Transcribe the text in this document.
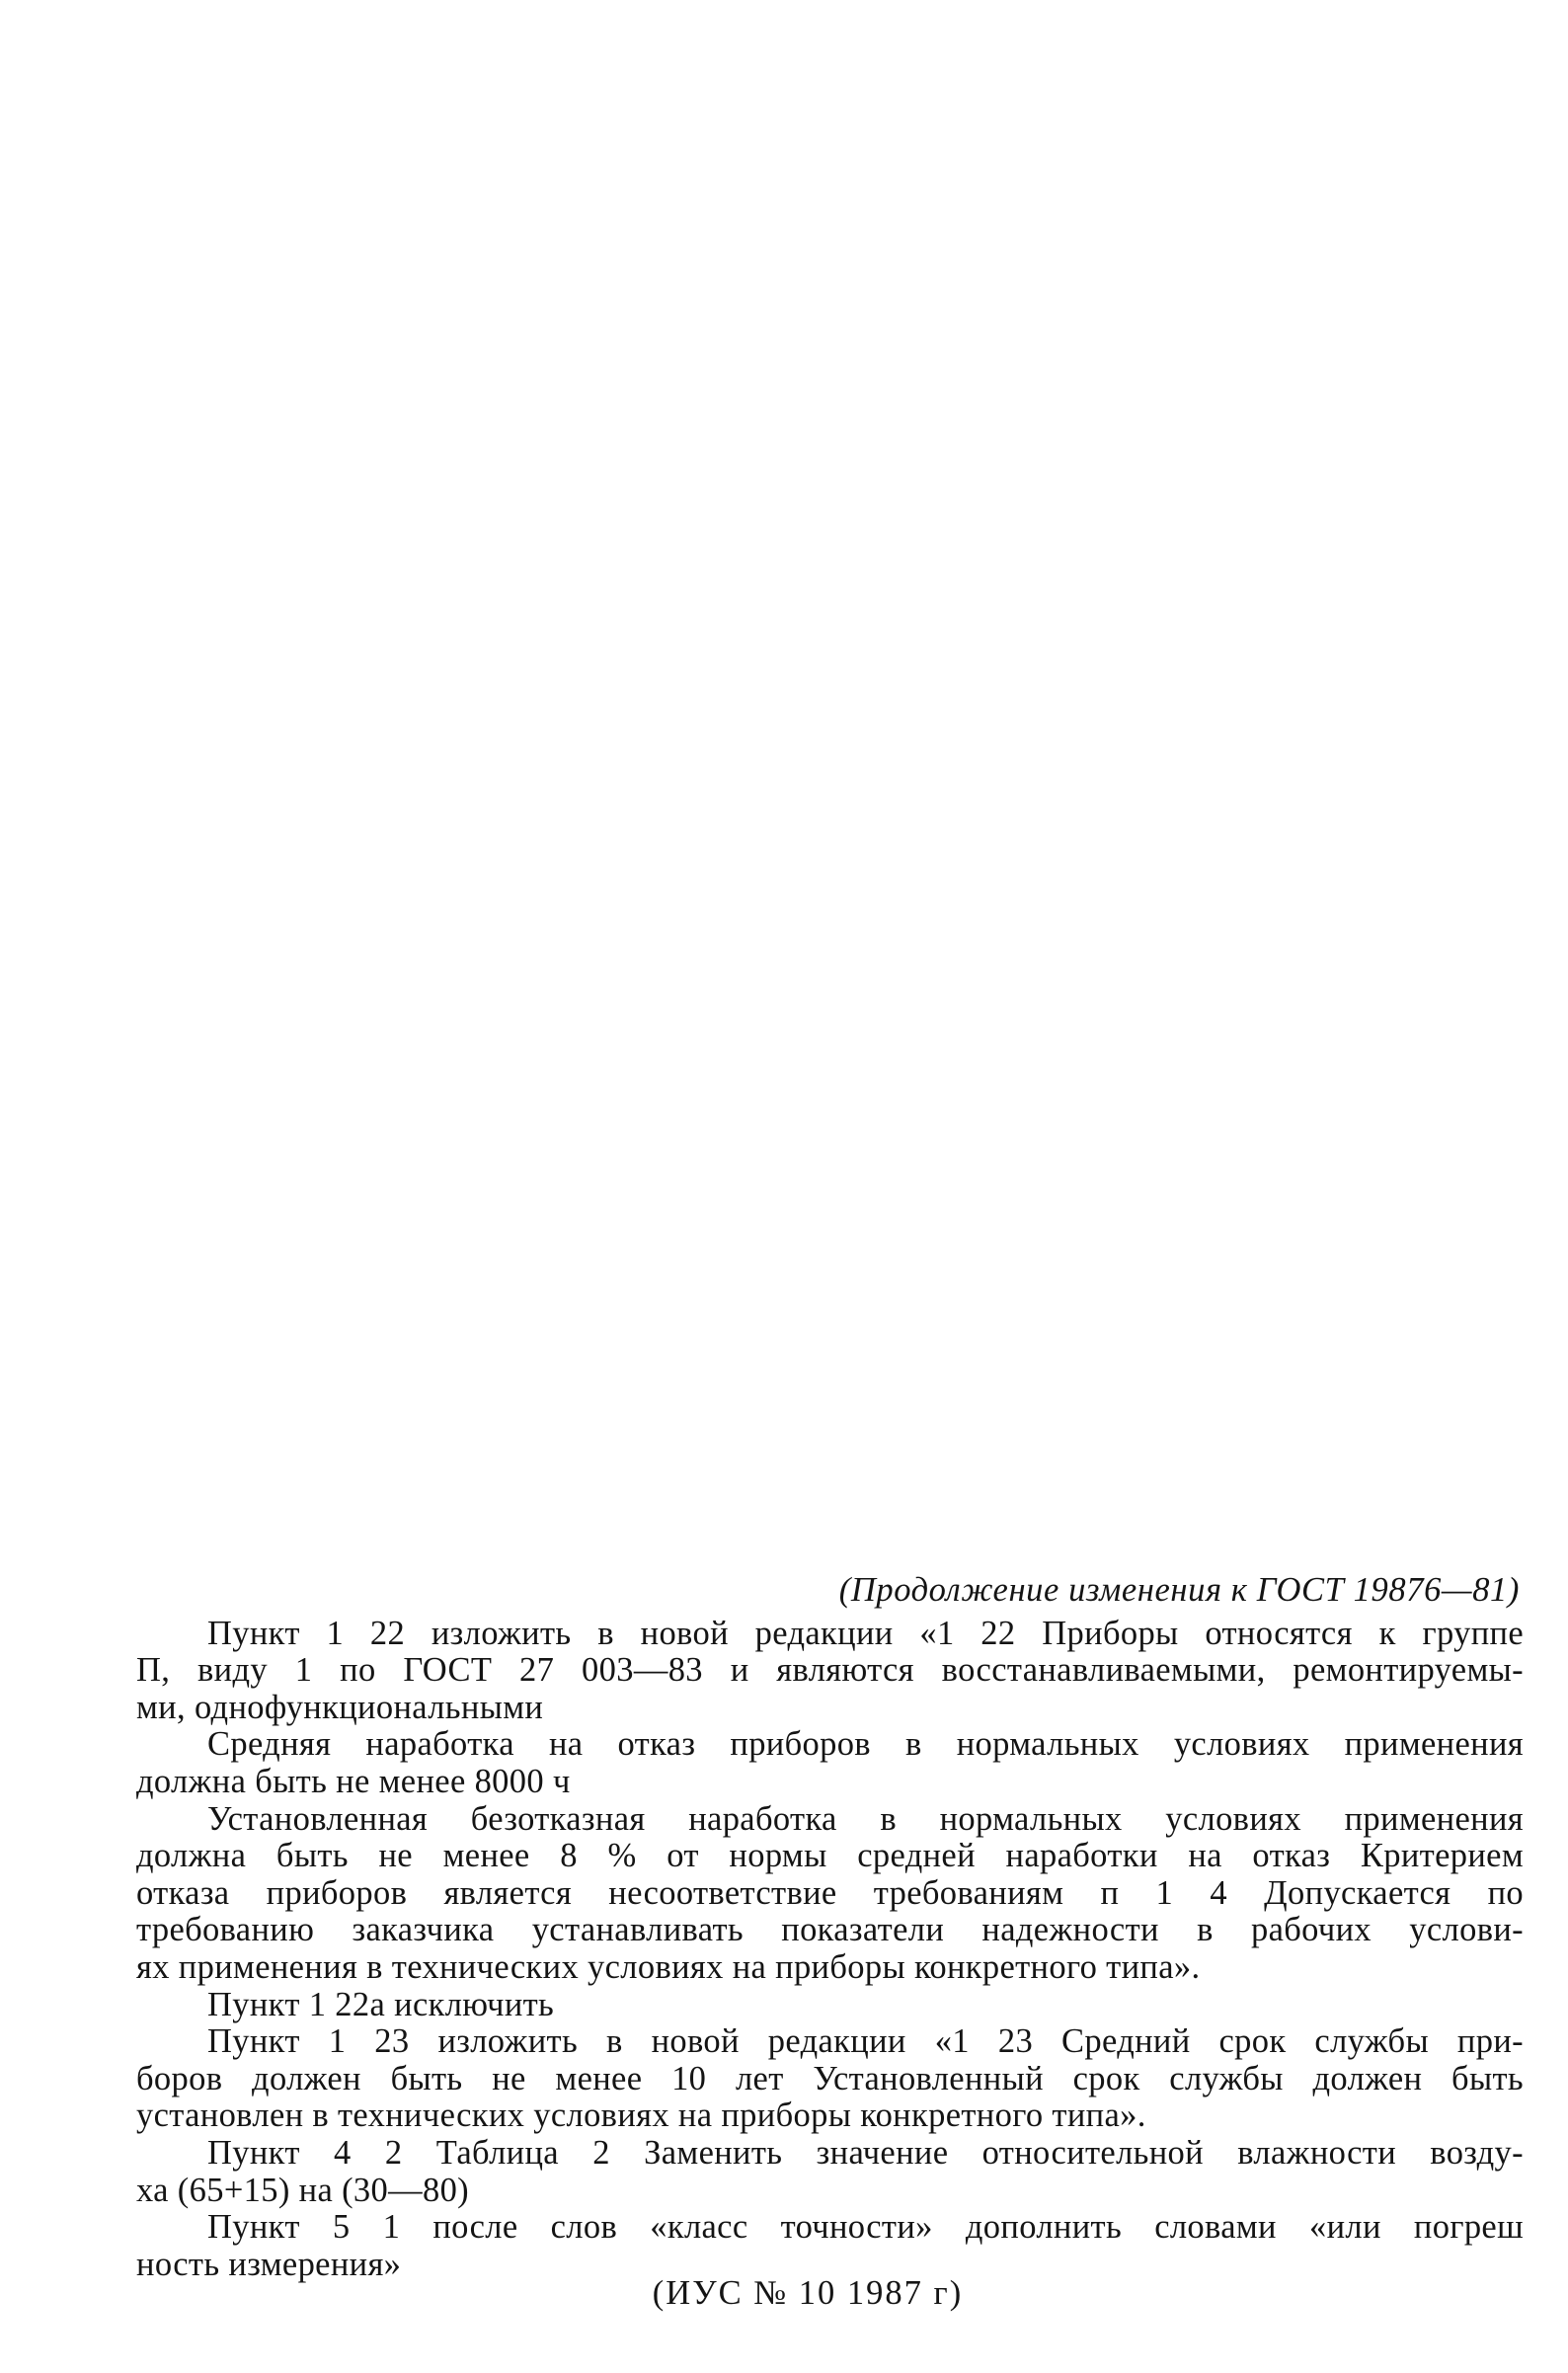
(Продолжение изменения к ГОСТ 19876—81)

Пункт 1 22 изложить в новой редакции «1 22 Приборы относятся к группе
П, виду 1 по ГОСТ 27 003—83 и являются восстанавливаемыми, ремонтируемы-
ми, однофункциональными

Средняя наработка на отказ приборов в нормальных условиях применения
должна быть не менее 8000 ч

Установленная безотказная наработка в нормальных условиях применения
должна быть не менее 8 % от нормы средней наработки на отказ Критерием
отказа приборов является несоответствие требованиям п 1 4 Допускается по
требованию заказчика устанавливать показатели надежности в рабочих услови-
ях применения в технических условиях на приборы конкретного типа».

Пункт 1 22а исключить

Пункт 1 23 изложить в новой редакции «1 23 Средний срок службы при-
боров должен быть не менее 10 лет Установленный срок службы должен быть
установлен в технических условиях на приборы конкретного типа».

Пункт 4 2 Таблица 2 Заменить значение относительной влажности возду-
ха (65+15) на (30—80)

Пункт 5 1 после слов «класс точности» дополнить словами «или погреш
ность измерения»

(ИУС № 10 1987 г)
